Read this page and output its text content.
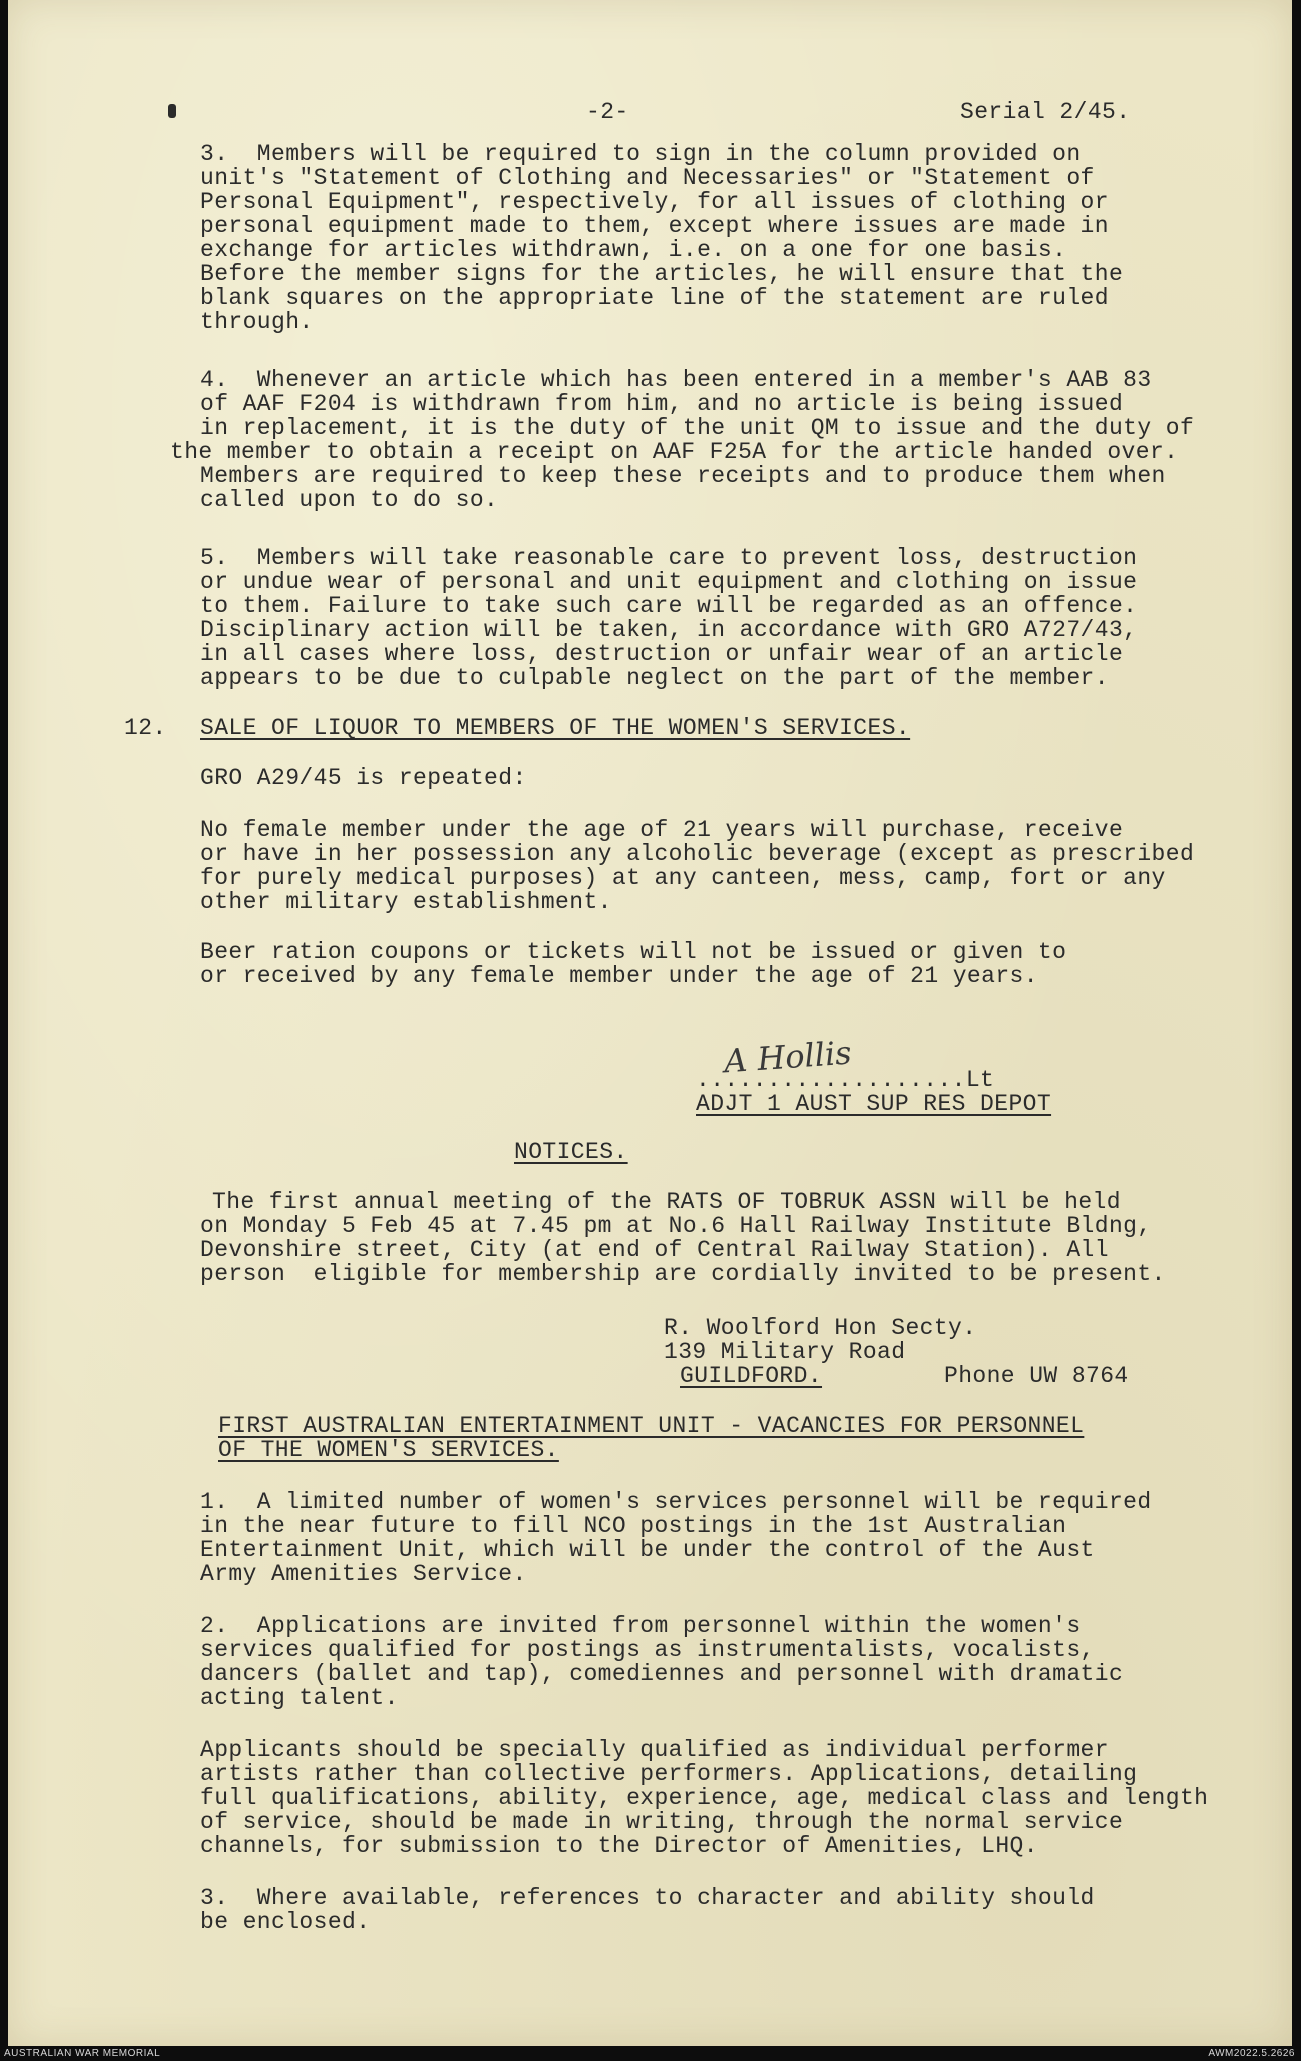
-2-	Serial 2/45.

3.  Members will be required to sign in the column provided on

unit's "Statement of Clothing and Necessaries" or "Statement of

Personal Equipment", respectively, for all issues of clothing or

personal equipment made to them, except where issues are made in

exchange for articles withdrawn, i.e. on a one for one basis.

Before the member signs for the articles, he will ensure that the

blank squares on the appropriate line of the statement are ruled

through.

4.  Whenever an article which has been entered in a member's AAB 83

of AAF F204 is withdrawn from him, and no article is being issued

in replacement, it is the duty of the unit QM to issue and the duty of

the member to obtain a receipt on AAF F25A for the article handed over.

Members are required to keep these receipts and to produce them when

called upon to do so.

5.  Members will take reasonable care to prevent loss, destruction

or undue wear of personal and unit equipment and clothing on issue

to them. Failure to take such care will be regarded as an offence.

Disciplinary action will be taken, in accordance with GRO A727/43,

in all cases where loss, destruction or unfair wear of an article

appears to be due to culpable neglect on the part of the member.

12. SALE OF LIQUOR TO MEMBERS OF THE WOMEN'S SERVICES.

GRO A29/45 is repeated:

No female member under the age of 21 years will purchase, receive

or have in her possession any alcoholic beverage (except as prescribed

for purely medical purposes) at any canteen, mess, camp, fort or any

other military establishment.

Beer ration coupons or tickets will not be issued or given to

or received by any female member under the age of 21 years.

A Hollis

...................Lt

ADJT 1 AUST SUP RES DEPOT

NOTICES.

The first annual meeting of the RATS OF TOBRUK ASSN will be held

on Monday 5 Feb 45 at 7.45 pm at No.6 Hall Railway Institute Bldng,

Devonshire street, City (at end of Central Railway Station). All

person  eligible for membership are cordially invited to be present.

R. Woolford Hon Secty.

139 Military Road

GUILDFORD.	Phone UW 8764

FIRST AUSTRALIAN ENTERTAINMENT UNIT - VACANCIES FOR PERSONNEL

OF THE WOMEN'S SERVICES.

1.  A limited number of women's services personnel will be required

in the near future to fill NCO postings in the 1st Australian

Entertainment Unit, which will be under the control of the Aust

Army Amenities Service.

2.  Applications are invited from personnel within the women's

services qualified for postings as instrumentalists, vocalists,

dancers (ballet and tap), comediennes and personnel with dramatic

acting talent.

Applicants should be specially qualified as individual performer

artists rather than collective performers. Applications, detailing

full qualifications, ability, experience, age, medical class and length

of service, should be made in writing, through the normal service

channels, for submission to the Director of Amenities, LHQ.

3.  Where available, references to character and ability should

be enclosed.

AUSTRALIAN WAR MEMORIAL	AWM2022.5.2626
